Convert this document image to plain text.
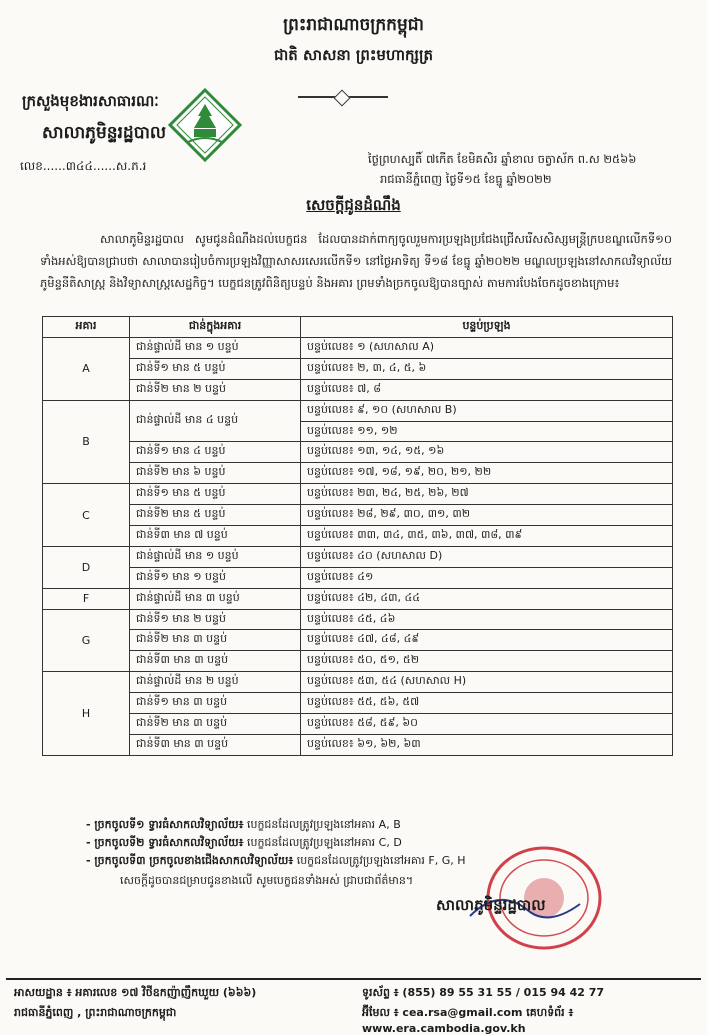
ព្រះរាជាណាចក្រកម្ពុជា
ជាតិ សាសនា ព្រះមហាក្សត្រ
ក្រសួងមុខងារសាធារណៈ
សាលាភូមិន្ទរដ្ឋបាល
លេខ......៣៤៤......ស.ភ.រ	ថ្ងៃព្រហស្បតិ៍ ៧កេីត ខែមិគសិរ ឆ្នាំខាល ចត្វាស័ក ព.ស ២៥៦៦
រាជធានីភ្នំពេញ ថ្ងៃទី១៥ ខែធ្នូ ឆ្នាំ២០២២
សេចក្តីជូនដំណឹង
សាលាភូមិន្ទរដ្ឋបាល សូមជូនដំណឹងដល់បេក្ខជន ដែលបានដាក់ពាក្យចូលរួមការប្រឡងប្រជែងជ្រើសរើសសិស្សមន្ត្រីក្របខណ្ឌលើកទី១០ ទាំងអស់ឱ្យបានជ្រាបថា សាលាបានរៀបចំការប្រឡងវិញ្ញាសាសរសេរលើកទី១ នៅថ្ងៃអាទិត្យ ទី១៨ ខែធ្នូ ឆ្នាំ២០២២ មណ្ឌលប្រឡងនៅសាកលវិទ្យាល័យភូមិន្ទនីតិសាស្ត្រ និងវិទ្យាសាស្ត្រសេដ្ឋកិច្ច។ បេក្ខជនត្រូវពិនិត្យបន្ទប់ និងអគារ ព្រមទាំងច្រកចូលឱ្យបានច្បាស់ តាមការបែងចែកដូចខាងក្រោម៖
អគារ	ជាន់ក្នុងអគារ	បន្ទប់ប្រឡង
A	ជាន់ផ្ទាល់ដី មាន ១ បន្ទប់	បន្ទប់លេខ៖ ១ (សហសាល A)
	ជាន់ទី១ មាន ៥ បន្ទប់	បន្ទប់លេខ៖ ២, ៣, ៤, ៥, ៦
	ជាន់ទី២ មាន ២ បន្ទប់	បន្ទប់លេខ៖ ៧, ៨
B	ជាន់ផ្ទាល់ដី មាន ៤ បន្ទប់	បន្ទប់លេខ៖ ៩, ១០ (សហសាល B)
		បន្ទប់លេខ៖ ១១, ១២
	ជាន់ទី១ មាន ៤ បន្ទប់	បន្ទប់លេខ៖ ១៣, ១៤, ១៥, ១៦
	ជាន់ទី២ មាន ៦ បន្ទប់	បន្ទប់លេខ៖ ១៧, ១៨, ១៩, ២០, ២១, ២២
C	ជាន់ទី១ មាន ៥ បន្ទប់	បន្ទប់លេខ៖ ២៣, ២៤, ២៥, ២៦, ២៧
	ជាន់ទី២ មាន ៥ បន្ទប់	បន្ទប់លេខ៖ ២៨, ២៩, ៣០, ៣១, ៣២
	ជាន់ទី៣ មាន ៧ បន្ទប់	បន្ទប់លេខ៖ ៣៣, ៣៤, ៣៥, ៣៦, ៣៧, ៣៨, ៣៩
D	ជាន់ផ្ទាល់ដី មាន ១ បន្ទប់	បន្ទប់លេខ៖ ៤០ (សហសាល D)
	ជាន់ទី១ មាន ១ បន្ទប់	បន្ទប់លេខ៖ ៤១
F	ជាន់ផ្ទាល់ដី មាន ៣ បន្ទប់	បន្ទប់លេខ៖ ៤២, ៤៣, ៤៤
G	ជាន់ទី១ មាន ២ បន្ទប់	បន្ទប់លេខ៖ ៤៥, ៤៦
	ជាន់ទី២ មាន ៣ បន្ទប់	បន្ទប់លេខ៖ ៤៧, ៤៨, ៤៩
	ជាន់ទី៣ មាន ៣ បន្ទប់	បន្ទប់លេខ៖ ៥០, ៥១, ៥២
H	ជាន់ផ្ទាល់ដី មាន ២ បន្ទប់	បន្ទប់លេខ៖ ៥៣, ៥៤ (សហសាល H)
	ជាន់ទី១ មាន ៣ បន្ទប់	បន្ទប់លេខ៖ ៥៥, ៥៦, ៥៧
	ជាន់ទី២ មាន ៣ បន្ទប់	បន្ទប់លេខ៖ ៥៨, ៥៩, ៦០
	ជាន់ទី៣ មាន ៣ បន្ទប់	បន្ទប់លេខ៖ ៦១, ៦២, ៦៣
- ច្រកចូលទី១ ទ្វារធំសាកលវិទ្យាល័យ៖ បេក្ខជនដែលត្រូវប្រឡងនៅអគារ A, B
- ច្រកចូលទី២ ទ្វារធំសាកលវិទ្យាល័យ៖ បេក្ខជនដែលត្រូវប្រឡងនៅអគារ C, D
- ច្រកចូលទី៣ ច្រកចូលខាងជើងសាកលវិទ្យាល័យ៖ បេក្ខជនដែលត្រូវប្រឡងនៅអគារ F, G, H
សេចក្តីដូចបានជម្រាបជូនខាងលើ សូមបេក្ខជនទាំងអស់ ជ្រាបជាព័ត៌មាន។
សាលាភូមិន្ទរដ្ឋបាល
អាសយដ្ឋាន ៖ អគារលេខ ១៧ វិថីឧកញ៉ាញឹកឃួយ (៦៦៦)
រាជធានីភ្នំពេញ , ព្រះរាជាណាចក្រកម្ពុជា
ទូរស័ព្ទ ៖ (855) 89 55 31 55 / 015 94 42 77
អ៊ីមែល ៖ cea.rsa@gmail.com គេហទំព័រ ៖ www.era.cambodia.gov.kh
